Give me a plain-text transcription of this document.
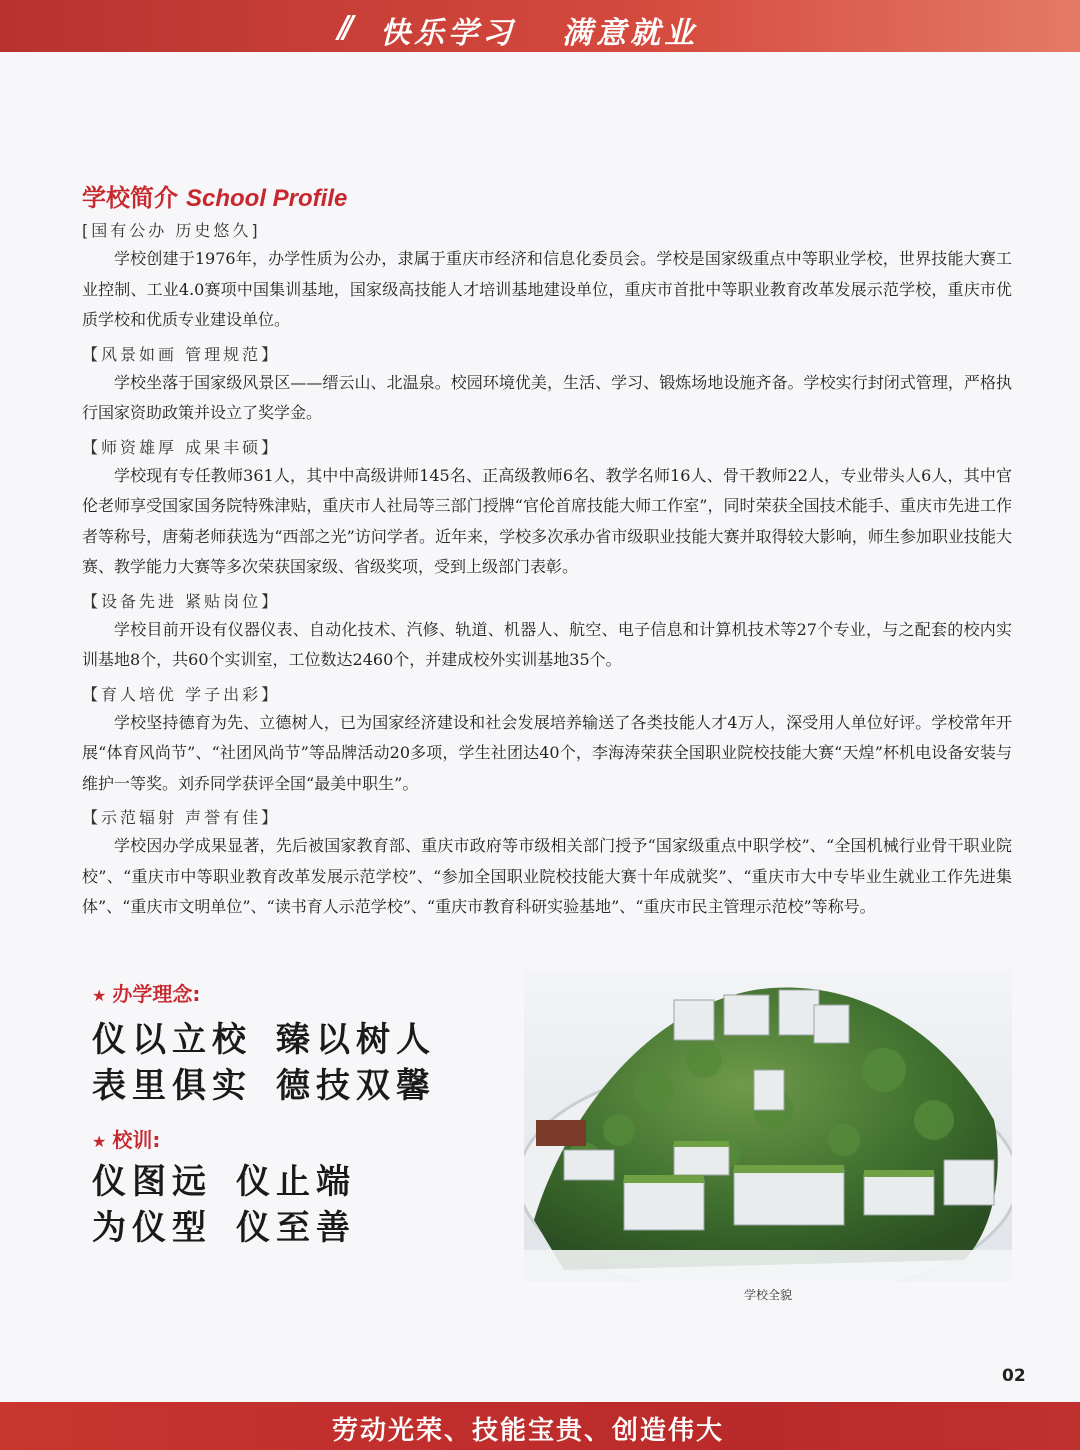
// 快乐学习 满意就业
学校简介 School Profile
[国有公办 历史悠久]

学校创建于1976年，办学性质为公办，隶属于重庆市经济和信息化委员会。学校是国家级重点中等职业学校，世界技能大赛工业控制、工业4.0赛项中国集训基地，国家级高技能人才培训基地建设单位，重庆市首批中等职业教育改革发展示范学校，重庆市优质学校和优质专业建设单位。

【风景如画 管理规范】

学校坐落于国家级风景区——缙云山、北温泉。校园环境优美，生活、学习、锻炼场地设施齐备。学校实行封闭式管理，严格执行国家资助政策并设立了奖学金。

【师资雄厚 成果丰硕】

学校现有专任教师361人，其中中高级讲师145名、正高级教师6名、教学名师16人、骨干教师22人，专业带头人6人，其中官伦老师享受国家国务院特殊津贴，重庆市人社局等三部门授牌“官伦首席技能大师工作室”，同时荣获全国技术能手、重庆市先进工作者等称号，唐菊老师获选为“西部之光”访问学者。近年来，学校多次承办省市级职业技能大赛并取得较大影响，师生参加职业技能大赛、教学能力大赛等多次荣获国家级、省级奖项，受到上级部门表彰。

【设备先进 紧贴岗位】

学校目前开设有仪器仪表、自动化技术、汽修、轨道、机器人、航空、电子信息和计算机技术等27个专业，与之配套的校内实训基地8个，共60个实训室，工位数达2460个，并建成校外实训基地35个。

【育人培优 学子出彩】

学校坚持德育为先、立德树人，已为国家经济建设和社会发展培养输送了各类技能人才4万人，深受用人单位好评。学校常年开展“体育风尚节”、“社团风尚节”等品牌活动20多项，学生社团达40个，李海涛荣获全国职业院校技能大赛“天煌”杯机电设备安装与维护一等奖。刘乔同学获评全国“最美中职生”。

【示范辐射 声誉有佳】

学校因办学成果显著，先后被国家教育部、重庆市政府等市级相关部门授予“国家级重点中职学校”、“全国机械行业骨干职业院校”、“重庆市中等职业教育改革发展示范学校”、“参加全国职业院校技能大赛十年成就奖”、“重庆市大中专毕业生就业工作先进集体”、“重庆市文明单位”、“读书育人示范学校”、“重庆市教育科研实验基地”、“重庆市民主管理示范校”等称号。

★ 办学理念:
仪以立校 臻以树人
表里俱实 德技双馨
★ 校训:
仪图远 仪止端
为仪型 仪至善
学校全貌
02
劳动光荣、技能宝贵、创造伟大
